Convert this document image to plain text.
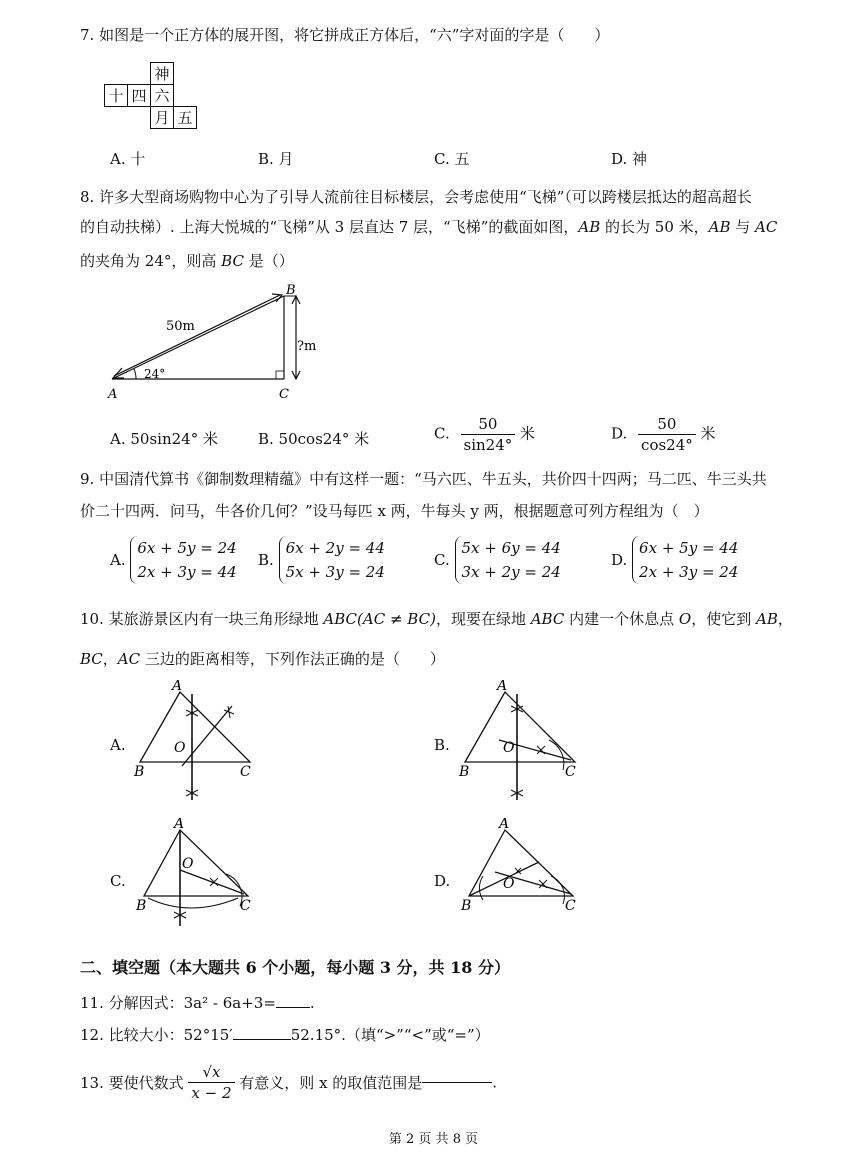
7. 如图是一个正方体的展开图，将它拼成正方体后，“六”字对面的字是（　　）
		神	
十	四	六	
		月	五
A. 十	B. 月	C. 五	D. 神
8. 许多大型商场购物中心为了引导人流前往目标楼层，会考虑使用“飞梯”（可以跨楼层抵达的超高超长
的自动扶梯）. 上海大悦城的“飞梯”从 3 层直达 7 层，“飞梯”的截面如图，AB 的长为 50 米，AB 与 AC
的夹角为 24°，则高 BC 是（）
B
A	C
50m
?m
24°
A. 50sin24° 米	B. 50cos24° 米	C. $\frac{50}{\sin 24^\circ}$ 米	D. $\frac{50}{\cos 24^\circ}$ 米
9. 中国清代算书《御制数理精蕴》中有这样一题：“马六匹、牛五头，共价四十四两；马二匹、牛三头共
价二十四两．问马，牛各价几何？”设马每匹 x 两，牛每头 y 两，根据题意可列方程组为（　）
A. 6x + 5y = 24
2x + 3y = 44
B. 6x + 2y = 44
5x + 3y = 24
C. 5x + 6y = 44
3x + 2y = 24
D. 6x + 5y = 44
2x + 3y = 24
10. 某旅游景区内有一块三角形绿地 ABC(AC ≠ BC)，现要在绿地 ABC 内建一个休息点 O，使它到 AB，
BC，AC 三边的距离相等，下列作法正确的是（　　）
A.
A
B	C
O	B.
A
B	C
O
C.
A
B	C
O
D.
A
B	C
O
二、填空题（本大题共 6 个小题，每小题 3 分，共 18 分）
11. 分解因式：3a² - 6a+3= .
12. 比较大小：52°15′	52.15°.（填“>”“<”或“=”）
13. 要使代数式 $\frac{√x}{x - 2}$ 有意义，则 x 的取值范围是	.
第 2 页 共 8 页
